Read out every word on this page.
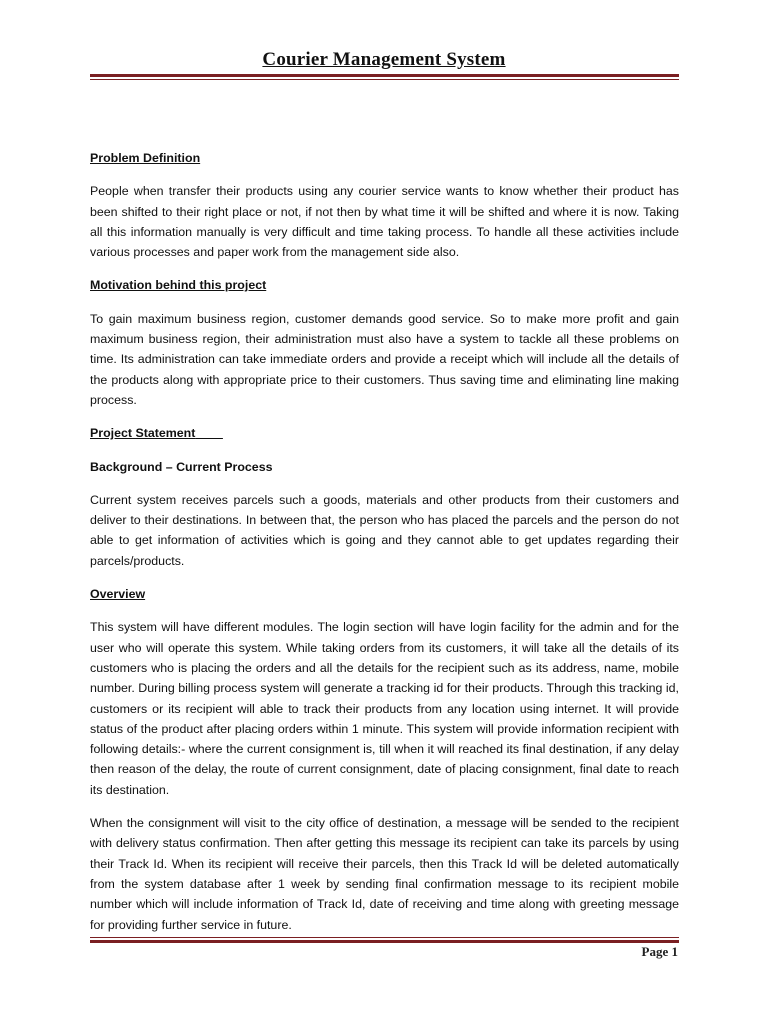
Courier Management System

Problem Definition

People when transfer their products using any courier service wants to know whether their product has been shifted to their right place or not, if not then by what time it will be shifted and where it is now. Taking all this information manually is very difficult and time taking process. To handle all these activities include various processes and paper work from the management side also.

Motivation behind this project

To gain maximum business region, customer demands good service. So to make more profit and gain maximum business region, their administration must also have a system to tackle all these problems on time. Its administration can take immediate orders and provide a receipt which will include all the details of the products along with appropriate price to their customers. Thus saving time and eliminating line making process.

Project Statement

Background – Current Process

Current system receives parcels such a goods, materials and other products from their customers and deliver to their destinations. In between that, the person who has placed the parcels and the person do not able to get information of activities which is going and they cannot able to get updates regarding their parcels/products.

Overview

This system will have different modules. The login section will have login facility for the admin and for the user who will operate this system. While taking orders from its customers, it will take all the details of its customers who is placing the orders and all the details for the recipient such as its address, name, mobile number. During billing process system will generate a tracking id for their products. Through this tracking id, customers or its recipient will able to track their products from any location using internet. It will provide status of the product after placing orders within 1 minute. This system will provide information recipient with following details:- where the current consignment is, till when it will reached its final destination, if any delay then reason of the delay, the route of current consignment, date of placing consignment, final date to reach its destination.

When the consignment will visit to the city office of destination, a message will be sended to the recipient with delivery status confirmation. Then after getting this message its recipient can take its parcels by using their Track Id. When its recipient will receive their parcels, then this Track Id will be deleted automatically from the system database after 1 week by sending final confirmation message to its recipient mobile number which will include information of Track Id, date of receiving and time along with greeting message for providing further service in future.

Page 1
